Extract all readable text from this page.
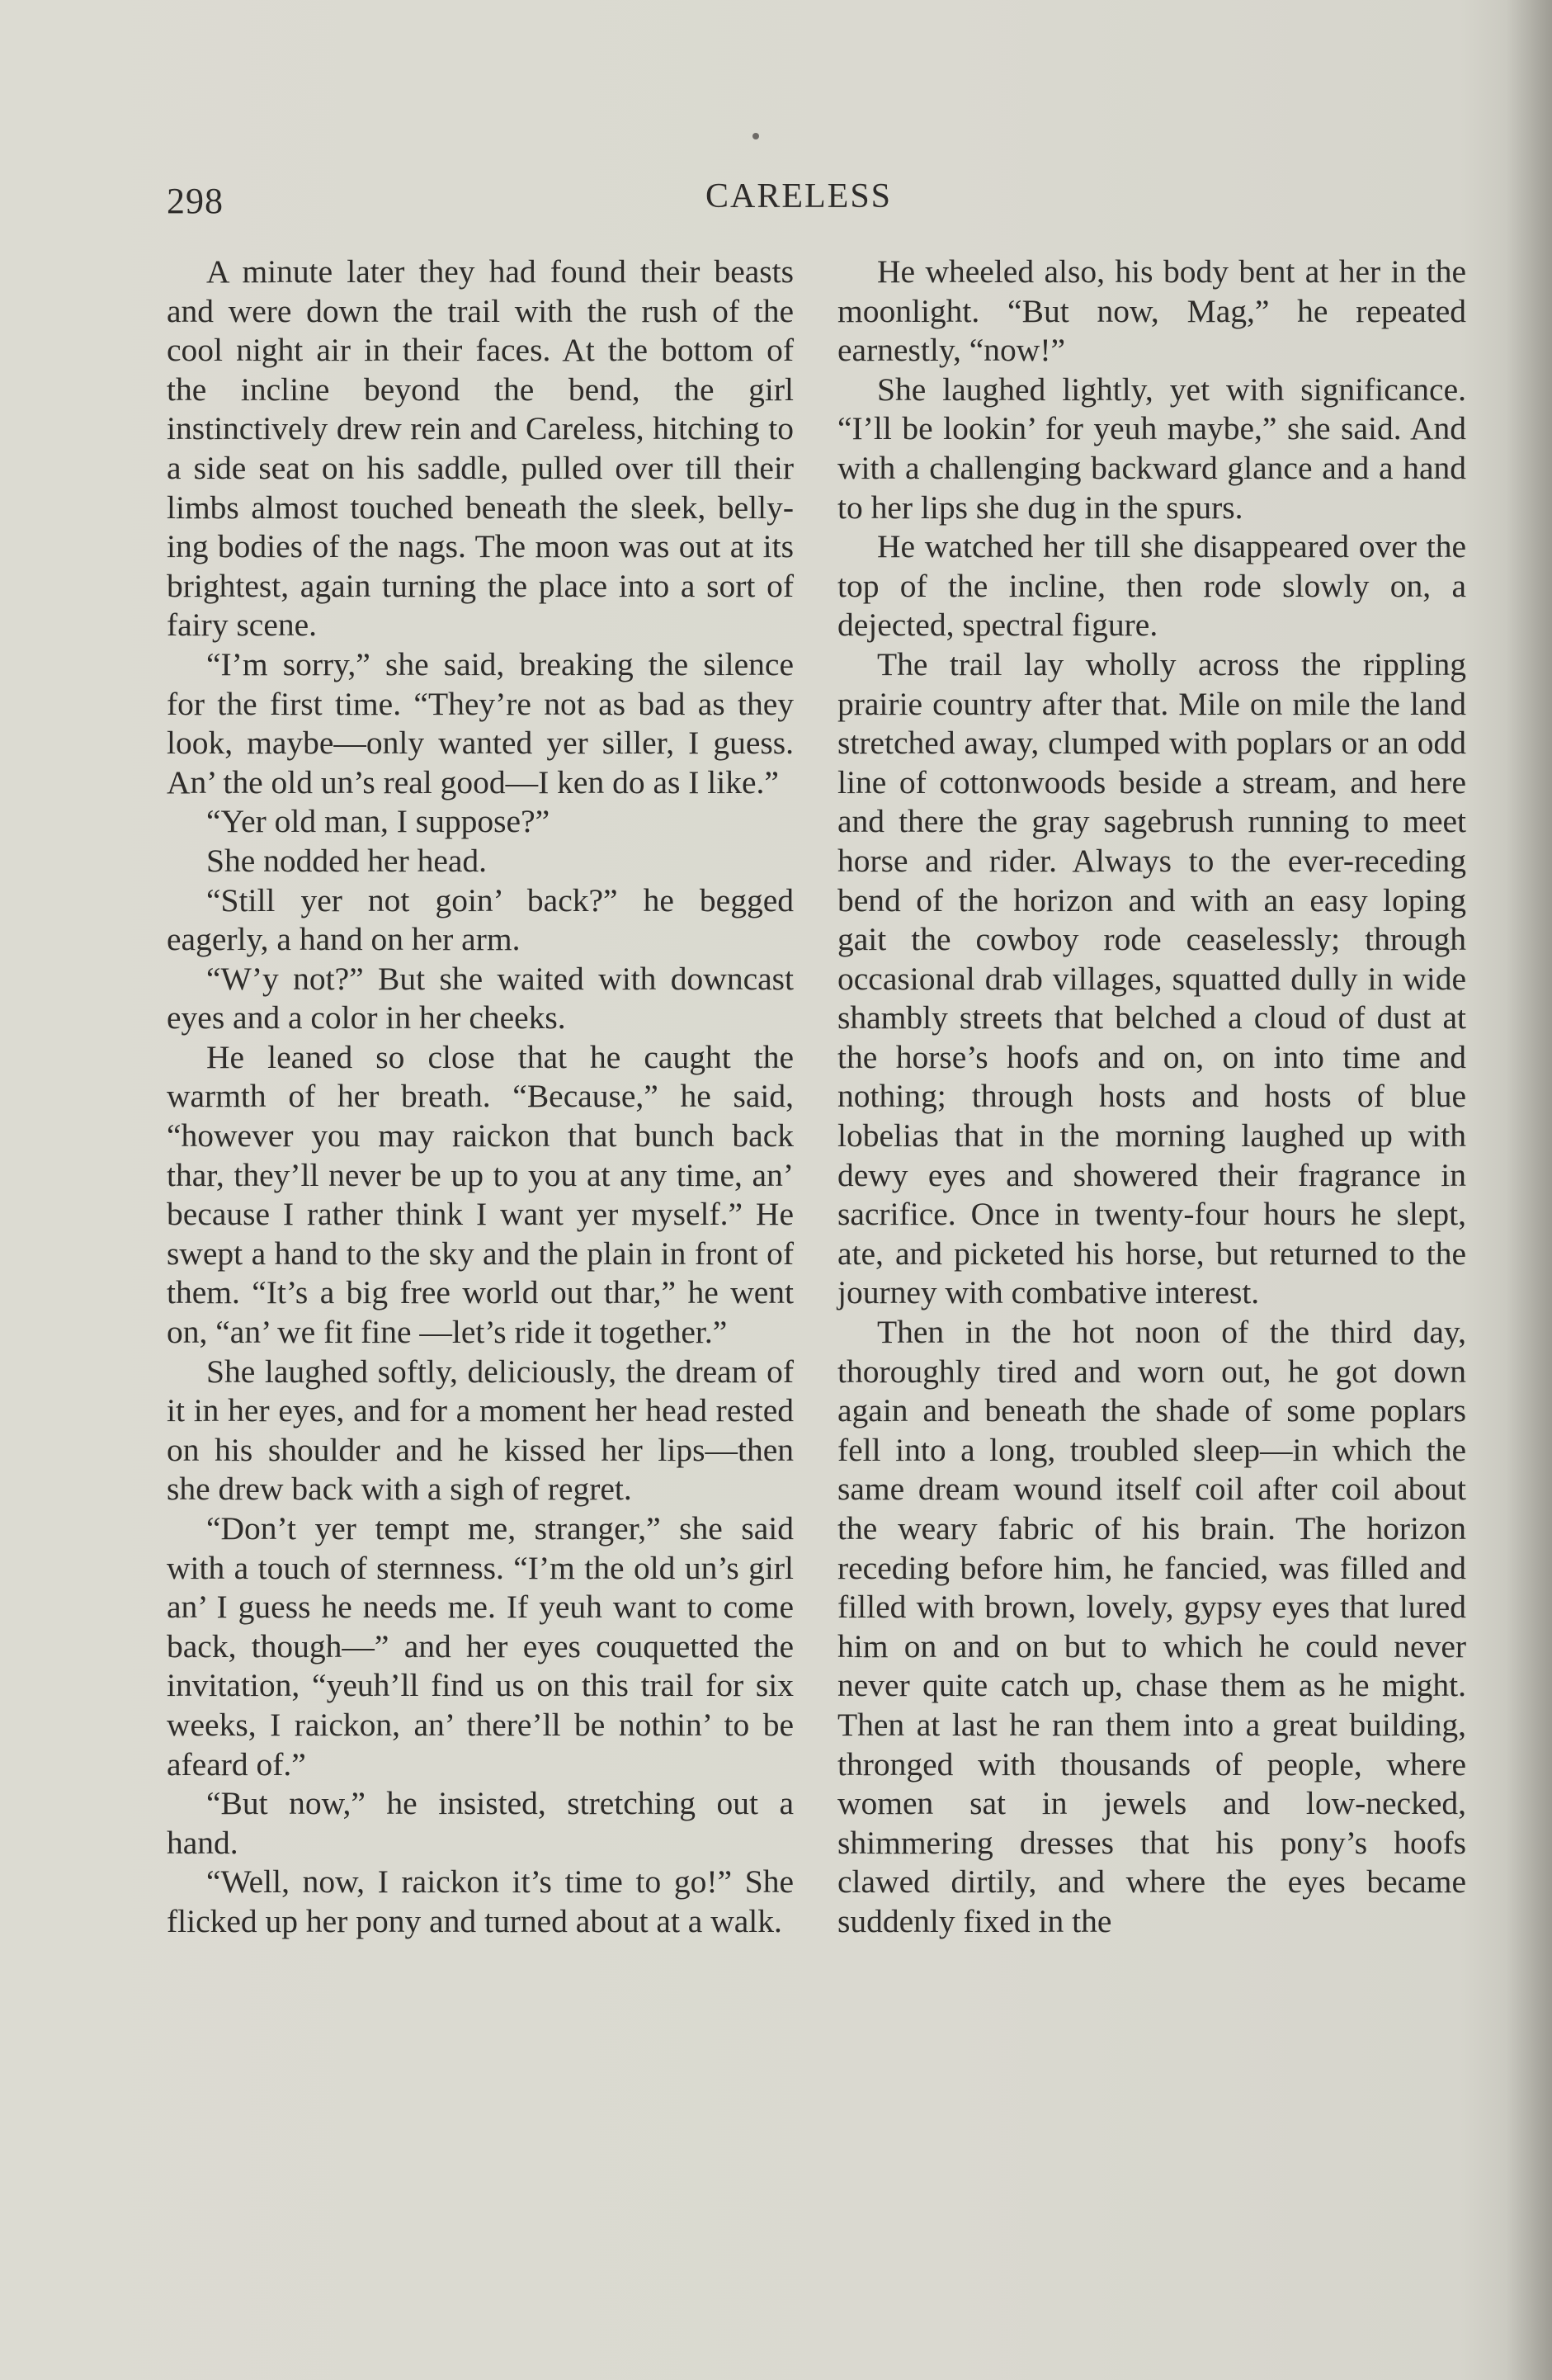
298	CARELESS

A minute later they had found their beasts and were down the trail with the rush of the cool night air in their faces. At the bottom of the incline beyond the bend, the girl instinctively drew rein and Careless, hitching to a side seat on his saddle, pulled over till their limbs almost touched beneath the sleek, bellying bodies of the nags. The moon was out at its brightest, again turning the place into a sort of fairy scene.

“I’m sorry,” she said, breaking the silence for the first time. “They’re not as bad as they look, maybe—only wanted yer siller, I guess. An’ the old un’s real good—I ken do as I like.”

“Yer old man, I suppose?”

She nodded her head.

“Still yer not goin’ back?” he begged eagerly, a hand on her arm.

“W’y not?” But she waited with downcast eyes and a color in her cheeks.

He leaned so close that he caught the warmth of her breath. “Because,” he said, “however you may raickon that bunch back thar, they’ll never be up to you at any time, an’ because I rather think I want yer myself.” He swept a hand to the sky and the plain in front of them. “It’s a big free world out thar,” he went on, “an’ we fit fine —let’s ride it together.”

She laughed softly, deliciously, the dream of it in her eyes, and for a moment her head rested on his shoulder and he kissed her lips—then she drew back with a sigh of regret.

“Don’t yer tempt me, stranger,” she said with a touch of sternness. “I’m the old un’s girl an’ I guess he needs me. If yeuh want to come back, though—” and her eyes couquetted the invitation, “yeuh’ll find us on this trail for six weeks, I raickon, an’ there’ll be nothin’ to be afeard of.”

“But now,” he insisted, stretching out a hand.

“Well, now, I raickon it’s time to go!” She flicked up her pony and turned about at a walk.

He wheeled also, his body bent at her in the moonlight. “But now, Mag,” he repeated earnestly, “now!”

She laughed lightly, yet with significance. “I’ll be lookin’ for yeuh maybe,” she said. And with a challenging backward glance and a hand to her lips she dug in the spurs.

He watched her till she disappeared over the top of the incline, then rode slowly on, a dejected, spectral figure.

The trail lay wholly across the rippling prairie country after that. Mile on mile the land stretched away, clumped with poplars or an odd line of cottonwoods beside a stream, and here and there the gray sagebrush running to meet horse and rider. Always to the ever-receding bend of the horizon and with an easy loping gait the cowboy rode ceaselessly; through occasional drab villages, squatted dully in wide shambly streets that belched a cloud of dust at the horse’s hoofs and on, on into time and nothing; through hosts and hosts of blue lobelias that in the morning laughed up with dewy eyes and showered their fragrance in sacrifice. Once in twenty-four hours he slept, ate, and picketed his horse, but returned to the journey with combative interest.

Then in the hot noon of the third day, thoroughly tired and worn out, he got down again and beneath the shade of some poplars fell into a long, troubled sleep—in which the same dream wound itself coil after coil about the weary fabric of his brain. The horizon receding before him, he fancied, was filled and filled with brown, lovely, gypsy eyes that lured him on and on but to which he could never never quite catch up, chase them as he might. Then at last he ran them into a great building, thronged with thousands of people, where women sat in jewels and low-necked, shimmering dresses that his pony’s hoofs clawed dirtily, and where the eyes became suddenly fixed in the
